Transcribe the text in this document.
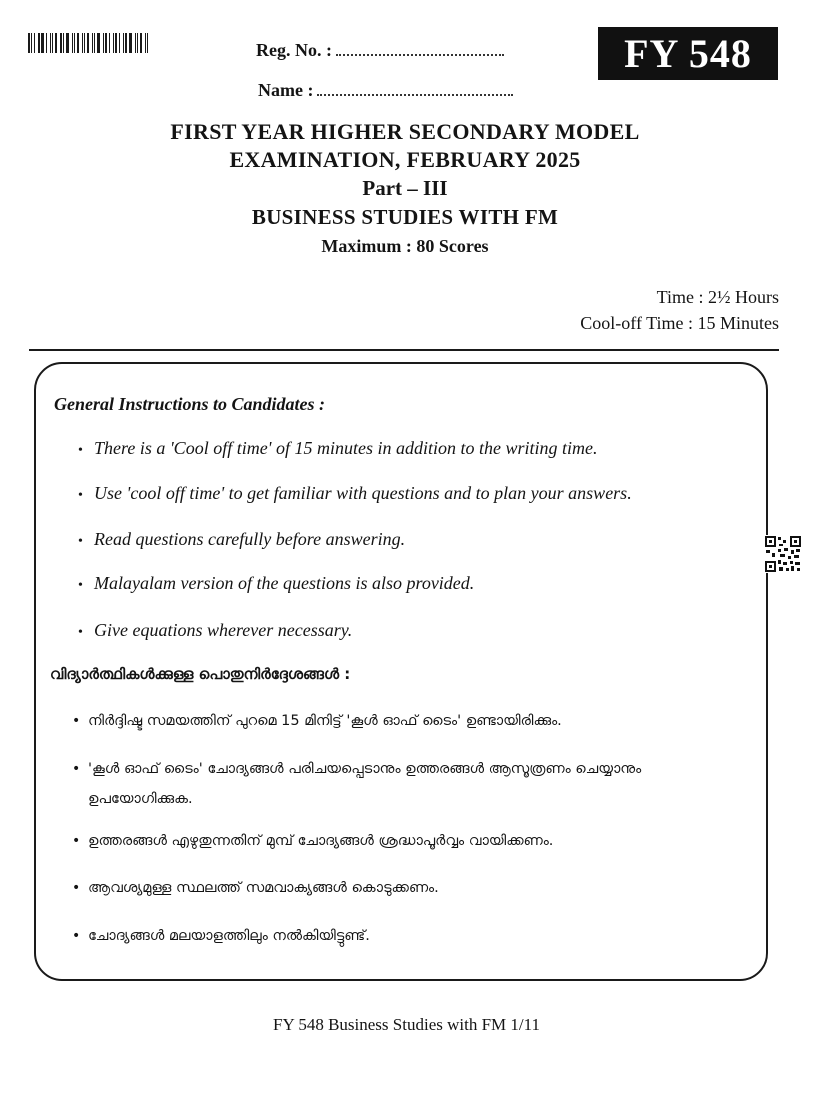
Reg. No. :
Name :
FY 548
FIRST YEAR HIGHER SECONDARY MODEL
EXAMINATION, FEBRUARY 2025
Part – III
BUSINESS STUDIES WITH FM
Maximum : 80 Scores
Time : 2½ Hours
Cool-off Time : 15 Minutes
General Instructions to Candidates :
• There is a 'Cool off time' of 15 minutes in addition to the writing time.
• Use 'cool off time' to get familiar with questions and to plan your answers.
• Read questions carefully before answering.
• Malayalam version of the questions is also provided.
• Give equations wherever necessary.
വിദ്യാർത്ഥികൾക്കുള്ള പൊതുനിർദ്ദേശങ്ങൾ :
• നിർദ്ദിഷ്ട സമയത്തിന് പുറമെ 15 മിനിട്ട് 'കൂൾ ഓഫ് ടൈം' ഉണ്ടായിരിക്കും.
• 'കൂൾ ഓഫ് ടൈം' ചോദ്യങ്ങൾ പരിചയപ്പെടാനും ഉത്തരങ്ങൾ ആസൂത്രണം ചെയ്യാനും
ഉപയോഗിക്കുക.
• ഉത്തരങ്ങൾ എഴുതുന്നതിന് മുമ്പ് ചോദ്യങ്ങൾ ശ്രദ്ധാപൂർവ്വം വായിക്കണം.
• ആവശ്യമുള്ള സ്ഥലത്ത് സമവാക്യങ്ങൾ കൊടുക്കണം.
• ചോദ്യങ്ങൾ മലയാളത്തിലും നൽകിയിട്ടുണ്ട്.
FY 548 Business Studies with FM 1/11
